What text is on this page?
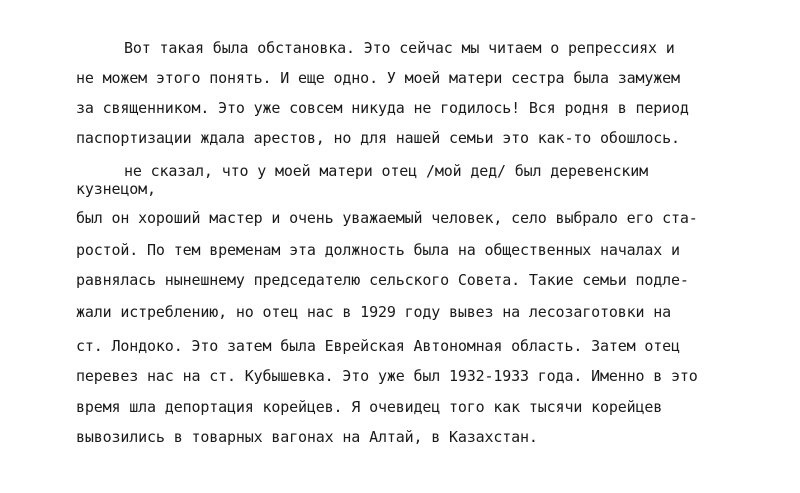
Вот такая была обстановка. Это сейчас мы читаем о репрессиях и
не можем этого понять. И еще одно. У моей матери сестра была замужем
за священником. Это уже совсем никуда не годилось! Вся родня в период
паспортизации ждала арестов, но для нашей семьи это как-то обошлось.
не сказал, что у моей матери отец /мой дед/ был деревенским
кузнецом,
был он хороший мастер и очень уважаемый человек, село выбрало его ста-
ростой. По тем временам эта должность была на общественных началах и
равнялась нынешнему председателю сельского Совета. Такие семьи подле-
жали истреблению, но отец нас в 1929 году вывез на лесозаготовки на
ст. Лондоко. Это затем была Еврейская Автономная область. Затем отец
перевез нас на ст. Кубышевка. Это уже был 1932-1933 года. Именно в это
время шла депортация корейцев. Я очевидец того как тысячи корейцев
вывозились в товарных вагонах на Алтай, в Казахстан.
